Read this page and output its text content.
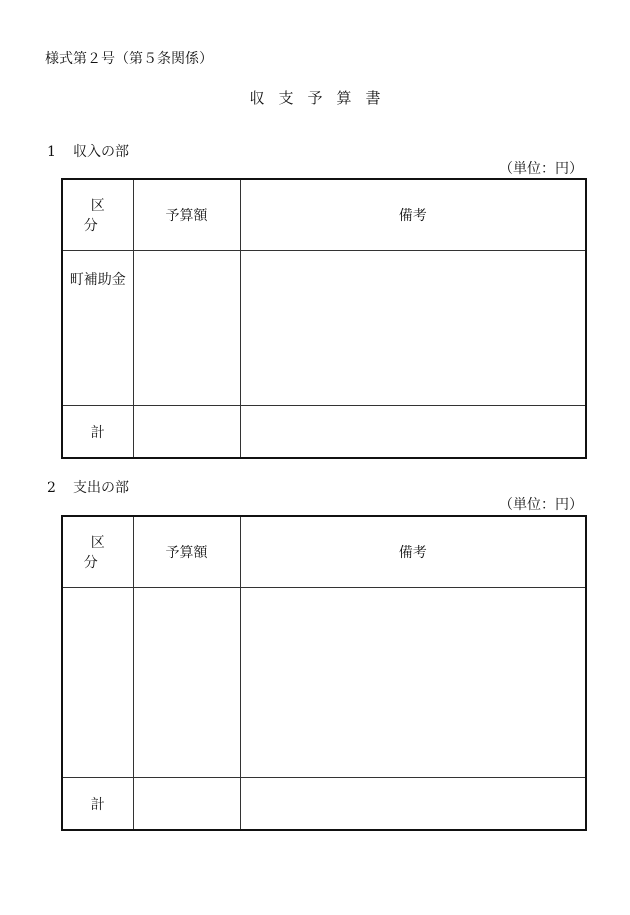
様式第２号（第５条関係）
収支予算書
1 収入の部
（単位：円）
区分	予算額	備考
町補助金		
計		
2 支出の部
（単位：円）
区分	予算額	備考

計		
